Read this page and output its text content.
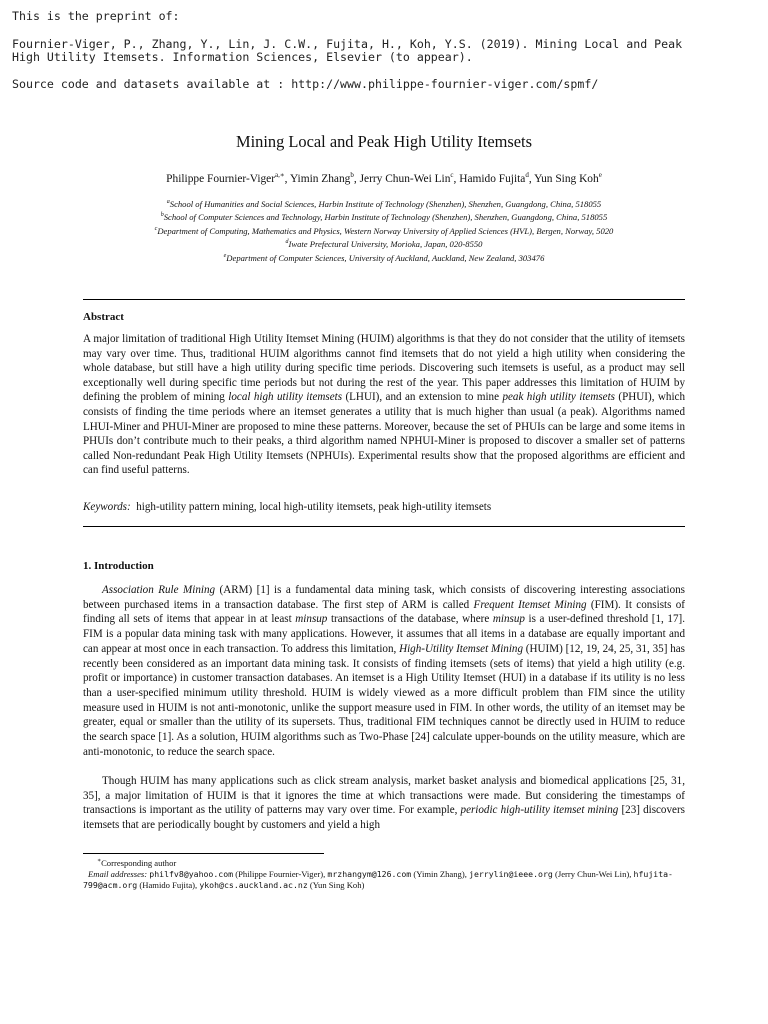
This is the preprint of:
Fournier-Viger, P., Zhang, Y., Lin, J. C.W., Fujita, H., Koh, Y.S. (2019). Mining Local and Peak
High Utility Itemsets. Information Sciences, Elsevier (to appear).
Source code and datasets available at : http://www.philippe-fournier-viger.com/spmf/
Mining Local and Peak High Utility Itemsets
Philippe Fournier-Viger$^{a,∗}$, Yimin Zhang$^b$, Jerry Chun-Wei Lin$^c$, Hamido Fujita$^d$, Yun Sing Koh$^e$
$^a$School of Humanities and Social Sciences, Harbin Institute of Technology (Shenzhen), Shenzhen, Guangdong, China, 518055
$^b$School of Computer Sciences and Technology, Harbin Institute of Technology (Shenzhen), Shenzhen, Guangdong, China, 518055
$^c$Department of Computing, Mathematics and Physics, Western Norway University of Applied Sciences (HVL), Bergen, Norway, 5020
$^d$Iwate Prefectural University, Morioka, Japan, 020-8550
$^e$Department of Computer Sciences, University of Auckland, Auckland, New Zealand, 303476
Abstract

A major limitation of traditional High Utility Itemset Mining (HUIM) algorithms is that they do not consider that the utility of itemsets may vary over time. Thus, traditional HUIM algorithms cannot find itemsets that do not yield a high utility when considering the whole database, but still have a high utility during specific time periods. Discovering such itemsets is useful, as a product may sell exceptionally well during specific time periods but not during the rest of the year. This paper addresses this limitation of HUIM by defining the problem of mining local high utility itemsets (LHUI), and an extension to mine peak high utility itemsets (PHUI), which consists of finding the time periods where an itemset generates a utility that is much higher than usual (a peak). Algorithms named LHUI-Miner and PHUI-Miner are proposed to mine these patterns. Moreover, because the set of PHUIs can be large and some items in PHUIs don’t contribute much to their peaks, a third algorithm named NPHUI-Miner is proposed to discover a smaller set of patterns called Non-redundant Peak High Utility Itemsets (NPHUIs). Experimental results show that the proposed algorithms are efficient and can find useful patterns.

Keywords: high-utility pattern mining, local high-utility itemsets, peak high-utility itemsets

1. Introduction

Association Rule Mining (ARM) [1] is a fundamental data mining task, which consists of discovering interesting associations between purchased items in a transaction database. The first step of ARM is called Frequent Itemset Mining (FIM). It consists of finding all sets of items that appear in at least minsup transactions of the database, where minsup is a user-defined threshold [1, 17]. FIM is a popular data mining task with many applications. However, it assumes that all items in a database are equally important and can appear at most once in each transaction. To address this limitation, High-Utility Itemset Mining (HUIM) [12, 19, 24, 25, 31, 35] has recently been considered as an important data mining task. It consists of finding itemsets (sets of items) that yield a high utility (e.g. profit or importance) in customer transaction databases. An itemset is a High Utility Itemset (HUI) in a database if its utility is no less than a user-specified minimum utility threshold. HUIM is widely viewed as a more difficult problem than FIM since the utility measure used in HUIM is not anti-monotonic, unlike the support measure used in FIM. In other words, the utility of an itemset may be greater, equal or smaller than the utility of its supersets. Thus, traditional FIM techniques cannot be directly used in HUIM to reduce the search space [1]. As a solution, HUIM algorithms such as Two-Phase [24] calculate upper-bounds on the utility measure, which are anti-monotonic, to reduce the search space.

Though HUIM has many applications such as click stream analysis, market basket analysis and biomedical applications [25, 31, 35], a major limitation of HUIM is that it ignores the time at which transactions were made. But considering the timestamps of transactions is important as the utility of patterns may vary over time. For example, periodic high-utility itemset mining [23] discovers itemsets that are periodically bought by customers and yield a high

∗Corresponding author
Email addresses: philfv8@yahoo.com (Philippe Fournier-Viger), mrzhangym@126.com (Yimin Zhang), jerrylin@ieee.org (Jerry Chun-Wei Lin), hfujita-799@acm.org (Hamido Fujita), ykoh@cs.auckland.ac.nz (Yun Sing Koh)
